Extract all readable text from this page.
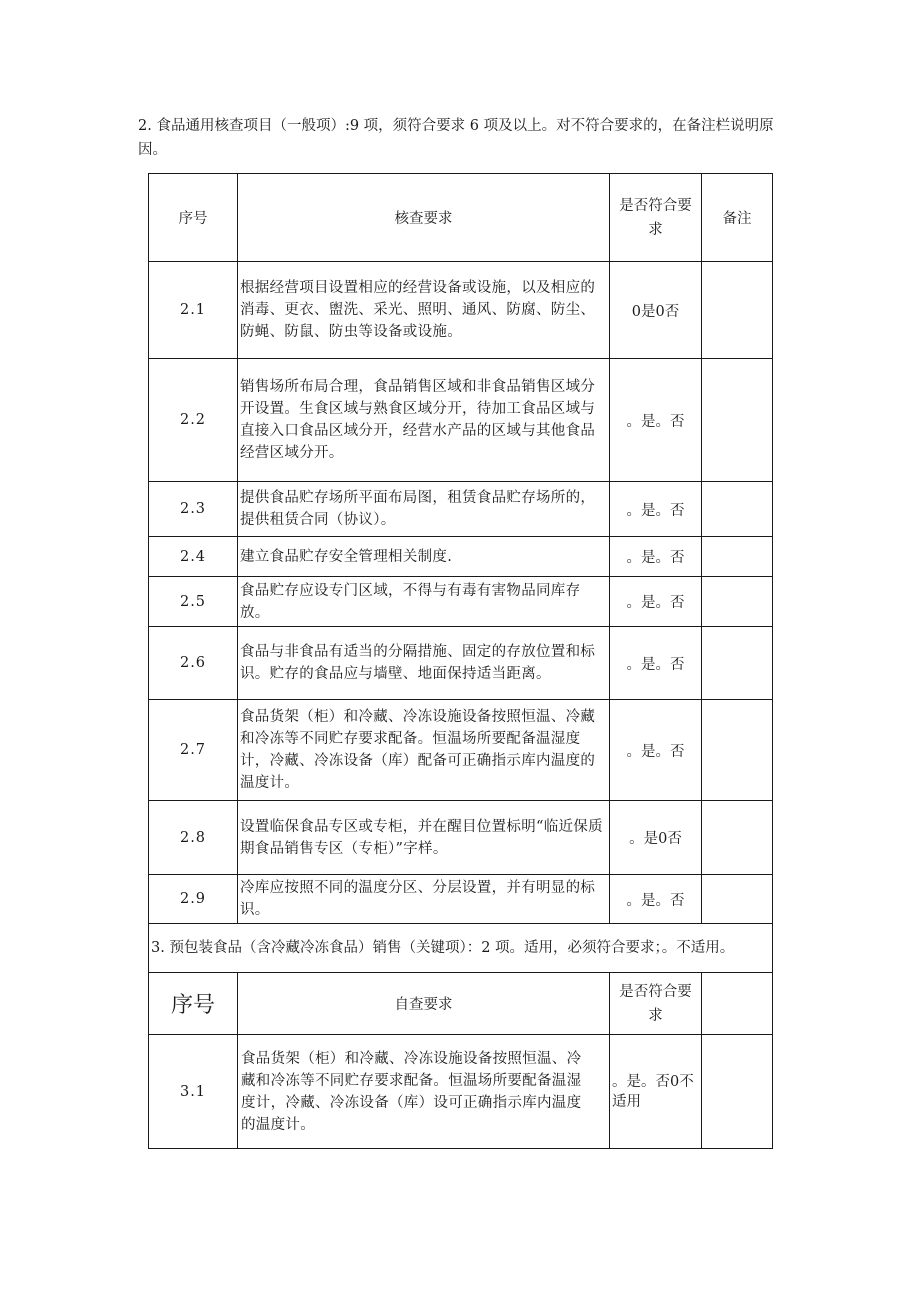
2. 食品通用核查项目（一般项）:9 项，须符合要求 6 项及以上。对不符合要求的，在备注栏说明原因。

序号	核查要求	是否符合要求	备注
2.1	根据经营项目设置相应的经营设备或设施，以及相应的消毒、更衣、盥洗、采光、照明、通风、防腐、防尘、防蝇、防鼠、防虫等设备或设施。	0是0否	
2.2	销售场所布局合理，食品销售区域和非食品销售区域分开设置。生食区域与熟食区域分开，待加工食品区域与直接入口食品区域分开，经营水产品的区域与其他食品经营区域分开。	。是。否	
2.3	提供食品贮存场所平面布局图，租赁食品贮存场所的，提供租赁合同（协议）。	。是。否	
2.4	建立食品贮存安全管理相关制度.	。是。否	
2.5	食品贮存应设专门区域，不得与有毒有害物品同库存放。	。是。否	
2.6	食品与非食品有适当的分隔措施、固定的存放位置和标识。贮存的食品应与墙壁、地面保持适当距离。	。是。否	
2.7	食品货架（柜）和冷藏、冷冻设施设备按照恒温、冷藏和冷冻等不同贮存要求配备。恒温场所要配备温湿度计，冷藏、冷冻设备（库）配备可正确指示库内温度的温度计。	。是。否	
2.8	设置临保食品专区或专柜，并在醒目位置标明“临近保质期食品销售专区（专柜）”字样。	。是0否	
2.9	冷库应按照不同的温度分区、分层设置，并有明显的标识。	。是。否	
3. 预包装食品（含冷藏冷冻食品）销售（关键项）：2 项。适用，必须符合要求；。不适用。			
序号	自查要求	是否符合要求	
3.1	食品货架（柜）和冷藏、冷冻设施设备按照恒温、冷藏和冷冻等不同贮存要求配备。恒温场所要配备温湿度计，冷藏、冷冻设备（库）设可正确指示库内温度的温度计。	。是。否0不适用	
